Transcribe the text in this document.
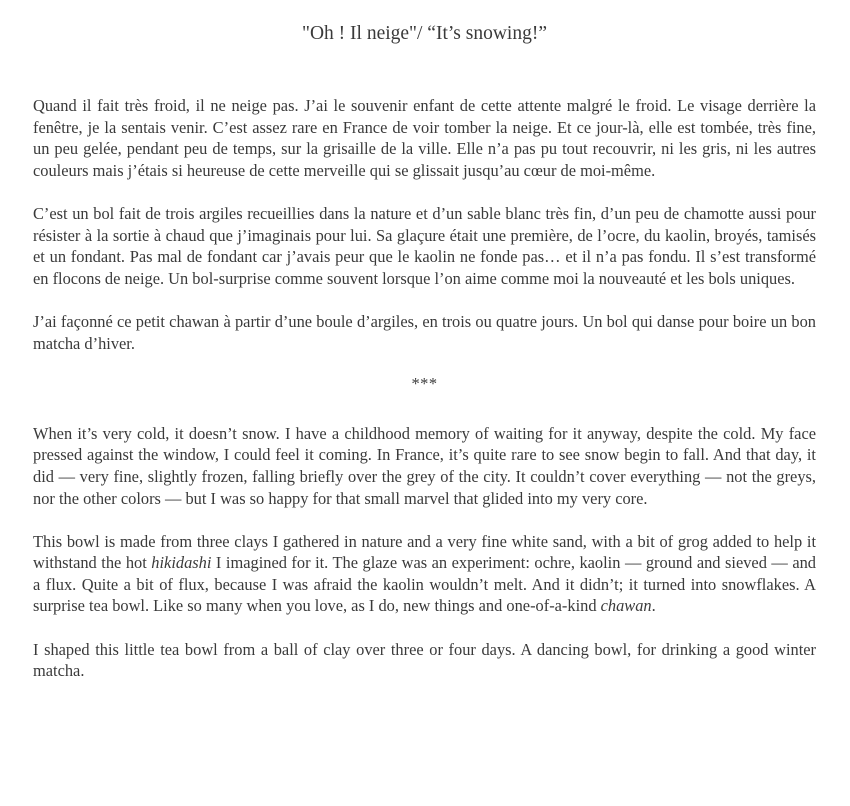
"Oh ! Il neige"/ “It’s snowing!”

Quand il fait très froid, il ne neige pas. J’ai le souvenir enfant de cette attente malgré le froid. Le visage derrière la fenêtre, je la sentais venir. C’est assez rare en France de voir tomber la neige. Et ce jour-là, elle est tombée, très fine, un peu gelée, pendant peu de temps, sur la grisaille de la ville. Elle n’a pas pu tout recouvrir, ni les gris, ni les autres couleurs mais j’étais si heureuse de cette merveille qui se glissait jusqu’au cœur de moi-même.

C’est un bol fait de trois argiles recueillies dans la nature et d’un sable blanc très fin, d’un peu de chamotte aussi pour résister à la sortie à chaud que j’imaginais pour lui. Sa glaçure était une première, de l’ocre, du kaolin, broyés, tamisés et un fondant. Pas mal de fondant car j’avais peur que le kaolin ne fonde pas… et il n’a pas fondu. Il s’est transformé en flocons de neige. Un bol-surprise comme souvent lorsque l’on aime comme moi la nouveauté et les bols uniques.

J’ai façonné ce petit chawan à partir d’une boule d’argiles, en trois ou quatre jours. Un bol qui danse pour boire un bon matcha d’hiver.

***

When it’s very cold, it doesn’t snow. I have a childhood memory of waiting for it anyway, despite the cold. My face pressed against the window, I could feel it coming. In France, it’s quite rare to see snow begin to fall. And that day, it did — very fine, slightly frozen, falling briefly over the grey of the city. It couldn’t cover everything — not the greys, nor the other colors — but I was so happy for that small marvel that glided into my very core.

This bowl is made from three clays I gathered in nature and a very fine white sand, with a bit of grog added to help it withstand the hot hikidashi I imagined for it. The glaze was an experiment: ochre, kaolin — ground and sieved — and a flux. Quite a bit of flux, because I was afraid the kaolin wouldn’t melt. And it didn’t; it turned into snowflakes. A surprise tea bowl. Like so many when you love, as I do, new things and one-of-a-kind chawan.

I shaped this little tea bowl from a ball of clay over three or four days. A dancing bowl, for drinking a good winter matcha.
